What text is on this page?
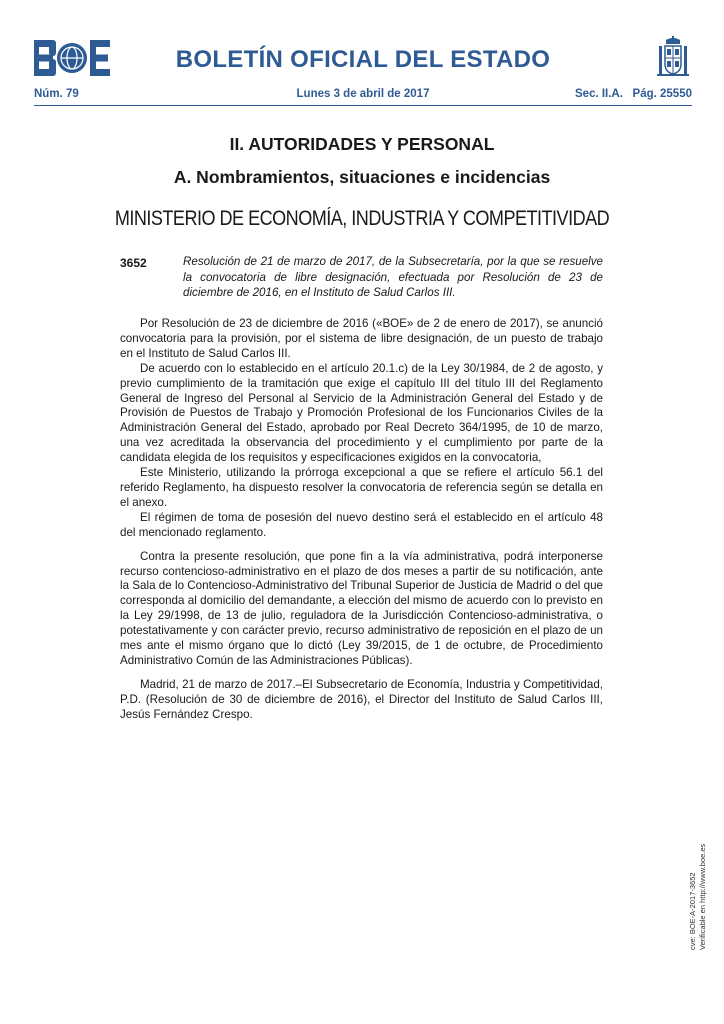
BOLETÍN OFICIAL DEL ESTADO
Núm. 79	Lunes 3 de abril de 2017	Sec. II.A. Pág. 25550
II. AUTORIDADES Y PERSONAL
A. Nombramientos, situaciones e incidencias
MINISTERIO DE ECONOMÍA, INDUSTRIA Y COMPETITIVIDAD
3652	Resolución de 21 de marzo de 2017, de la Subsecretaría, por la que se resuelve la convocatoria de libre designación, efectuada por Resolución de 23 de diciembre de 2016, en el Instituto de Salud Carlos III.

Por Resolución de 23 de diciembre de 2016 («BOE» de 2 de enero de 2017), se anunció convocatoria para la provisión, por el sistema de libre designación, de un puesto de trabajo en el Instituto de Salud Carlos III.

De acuerdo con lo establecido en el artículo 20.1.c) de la Ley 30/1984, de 2 de agosto, y previo cumplimiento de la tramitación que exige el capítulo III del título III del Reglamento General de Ingreso del Personal al Servicio de la Administración General del Estado y de Provisión de Puestos de Trabajo y Promoción Profesional de los Funcionarios Civiles de la Administración General del Estado, aprobado por Real Decreto 364/1995, de 10 de marzo, una vez acreditada la observancia del procedimiento y el cumplimiento por parte de la candidata elegida de los requisitos y especificaciones exigidos en la convocatoria,

Este Ministerio, utilizando la prórroga excepcional a que se refiere el artículo 56.1 del referido Reglamento, ha dispuesto resolver la convocatoria de referencia según se detalla en el anexo.

El régimen de toma de posesión del nuevo destino será el establecido en el artículo 48 del mencionado reglamento.

Contra la presente resolución, que pone fin a la vía administrativa, podrá interponerse recurso contencioso-administrativo en el plazo de dos meses a partir de su notificación, ante la Sala de lo Contencioso-Administrativo del Tribunal Superior de Justicia de Madrid o del que corresponda al domicilio del demandante, a elección del mismo de acuerdo con lo previsto en la Ley 29/1998, de 13 de julio, reguladora de la Jurisdicción Contencioso-administrativa, o potestativamente y con carácter previo, recurso administrativo de reposición en el plazo de un mes ante el mismo órgano que lo dictó (Ley 39/2015, de 1 de octubre, de Procedimiento Administrativo Común de las Administraciones Públicas).

Madrid, 21 de marzo de 2017.–El Subsecretario de Economía, Industria y Competitividad, P.D. (Resolución de 30 de diciembre de 2016), el Director del Instituto de Salud Carlos III, Jesús Fernández Crespo.

cve: BOE-A-2017-3652 Verificable en http://www.boe.es
